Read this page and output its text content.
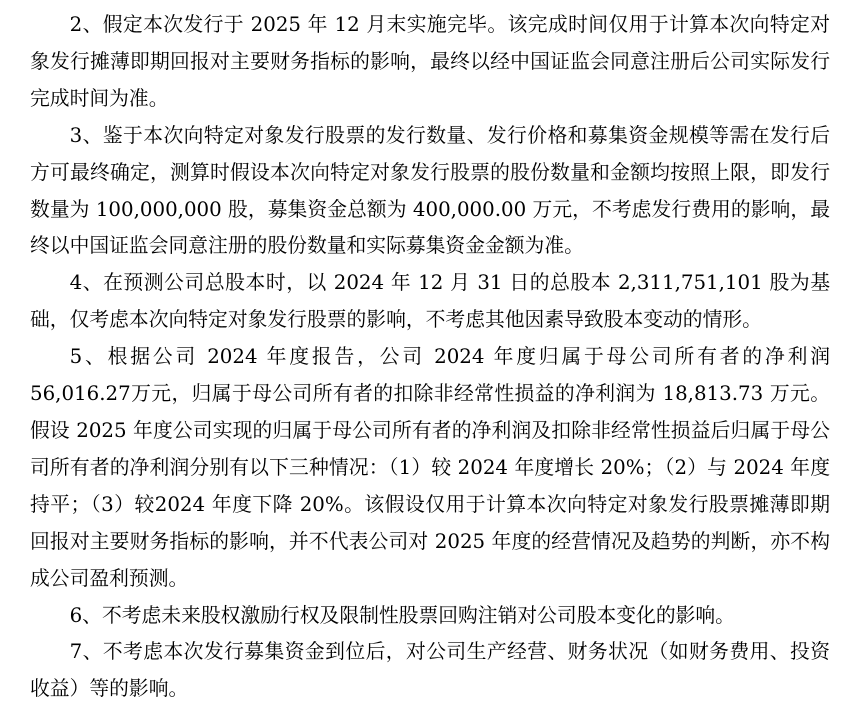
2、假定本次发行于 2025 年 12 月末实施完毕。该完成时间仅用于计算本次向特定对象发行摊薄即期回报对主要财务指标的影响，最终以经中国证监会同意注册后公司实际发行完成时间为准。

3、鉴于本次向特定对象发行股票的发行数量、发行价格和募集资金规模等需在发行后方可最终确定，测算时假设本次向特定对象发行股票的股份数量和金额均按照上限，即发行数量为 100,000,000 股，募集资金总额为 400,000.00 万元，不考虑发行费用的影响，最终以中国证监会同意注册的股份数量和实际募集资金金额为准。

4、在预测公司总股本时，以 2024 年 12 月 31 日的总股本 2,311,751,101 股为基础，仅考虑本次向特定对象发行股票的影响，不考虑其他因素导致股本变动的情形。

5、根据公司 2024 年度报告，公司 2024 年度归属于母公司所有者的净利润 56,016.27万元，归属于母公司所有者的扣除非经常性损益的净利润为 18,813.73 万元。假设 2025 年度公司实现的归属于母公司所有者的净利润及扣除非经常性损益后归属于母公司所有者的净利润分别有以下三种情况：（1）较 2024 年度增长 20%；（2）与 2024 年度持平；（3）较2024 年度下降 20%。该假设仅用于计算本次向特定对象发行股票摊薄即期回报对主要财务指标的影响，并不代表公司对 2025 年度的经营情况及趋势的判断，亦不构成公司盈利预测。

6、不考虑未来股权激励行权及限制性股票回购注销对公司股本变化的影响。

7、不考虑本次发行募集资金到位后，对公司生产经营、财务状况（如财务费用、投资收益）等的影响。
